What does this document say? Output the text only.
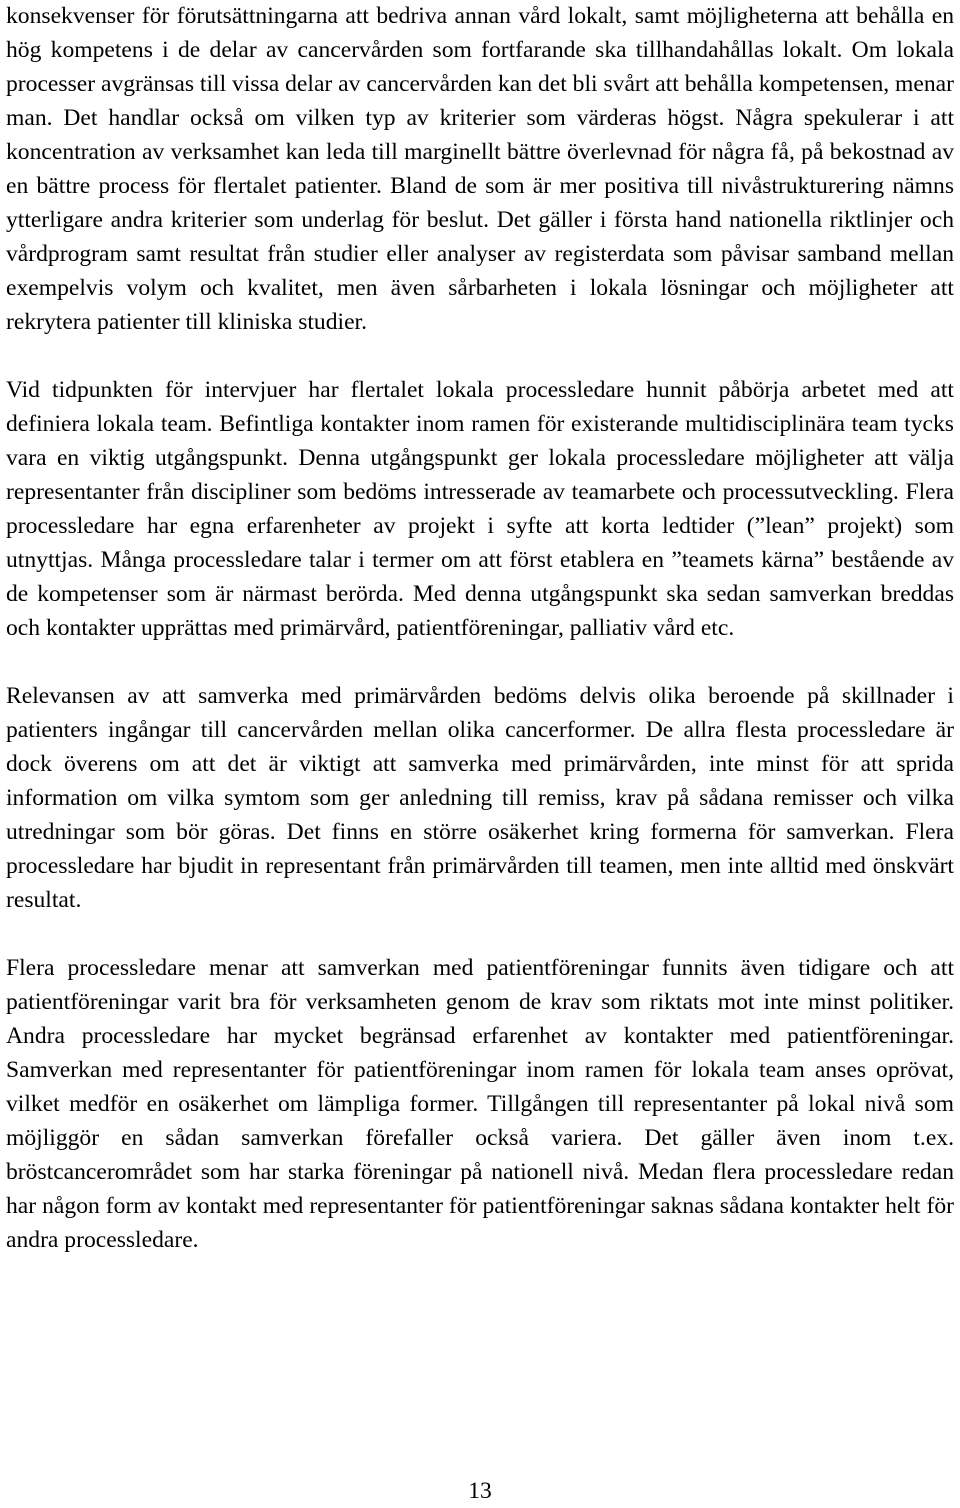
konsekvenser för förutsättningarna att bedriva annan vård lokalt, samt möjligheterna att behålla en hög kompetens i de delar av cancervården som fortfarande ska tillhandahållas lokalt. Om lokala processer avgränsas till vissa delar av cancervården kan det bli svårt att behålla kompetensen, menar man. Det handlar också om vilken typ av kriterier som värderas högst. Några spekulerar i att koncentration av verksamhet kan leda till marginellt bättre överlevnad för några få, på bekostnad av en bättre process för flertalet patienter. Bland de som är mer positiva till nivåstrukturering nämns ytterligare andra kriterier som underlag för beslut. Det gäller i första hand nationella riktlinjer och vårdprogram samt resultat från studier eller analyser av registerdata som påvisar samband mellan exempelvis volym och kvalitet, men även sårbarheten i lokala lösningar och möjligheter att rekrytera patienter till kliniska studier.

Vid tidpunkten för intervjuer har flertalet lokala processledare hunnit påbörja arbetet med att definiera lokala team. Befintliga kontakter inom ramen för existerande multidisciplinära team tycks vara en viktig utgångspunkt. Denna utgångspunkt ger lokala processledare möjligheter att välja representanter från discipliner som bedöms intresserade av teamarbete och processutveckling. Flera processledare har egna erfarenheter av projekt i syfte att korta ledtider (”lean” projekt) som utnyttjas. Många processledare talar i termer om att först etablera en ”teamets kärna” bestående av de kompetenser som är närmast berörda. Med denna utgångspunkt ska sedan samverkan breddas och kontakter upprättas med primärvård, patientföreningar, palliativ vård etc.

Relevansen av att samverka med primärvården bedöms delvis olika beroende på skillnader i patienters ingångar till cancervården mellan olika cancerformer. De allra flesta processledare är dock överens om att det är viktigt att samverka med primärvården, inte minst för att sprida information om vilka symtom som ger anledning till remiss, krav på sådana remisser och vilka utredningar som bör göras. Det finns en större osäkerhet kring formerna för samverkan. Flera processledare har bjudit in representant från primärvården till teamen, men inte alltid med önskvärt resultat.

Flera processledare menar att samverkan med patientföreningar funnits även tidigare och att patientföreningar varit bra för verksamheten genom de krav som riktats mot inte minst politiker. Andra processledare har mycket begränsad erfarenhet av kontakter med patientföreningar. Samverkan med representanter för patientföreningar inom ramen för lokala team anses oprövat, vilket medför en osäkerhet om lämpliga former. Tillgången till representanter på lokal nivå som möjliggör en sådan samverkan förefaller också variera. Det gäller även inom t.ex. bröstcancerområdet som har starka föreningar på nationell nivå. Medan flera processledare redan har någon form av kontakt med representanter för patientföreningar saknas sådana kontakter helt för andra processledare.

13
